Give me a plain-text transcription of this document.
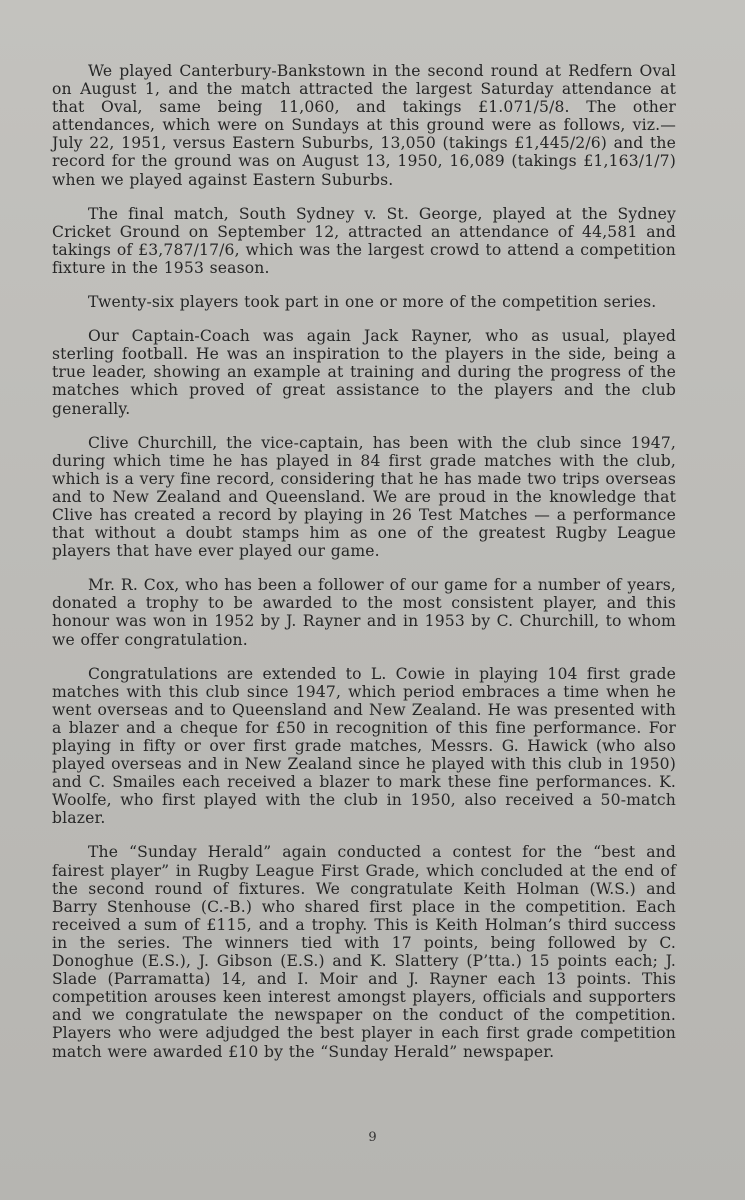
We played Canterbury-Bankstown in the second round at Redfern Oval on August 1, and the match attracted the largest Saturday attendance at that Oval, same being 11,060, and takings £1.071/5/8. The other attendances, which were on Sundays at this ground were as follows, viz.—July 22, 1951, versus Eastern Suburbs, 13,050 (takings £1,445/2/6) and the record for the ground was on August 13, 1950, 16,089 (takings £1,163/1/7) when we played against Eastern Suburbs.

The final match, South Sydney v. St. George, played at the Sydney Cricket Ground on September 12, attracted an attendance of 44,581 and takings of £3,787/17/6, which was the largest crowd to attend a competition fixture in the 1953 season.

Twenty-six players took part in one or more of the competition series.

Our Captain-Coach was again Jack Rayner, who as usual, played sterling football. He was an inspiration to the players in the side, being a true leader, showing an example at training and during the progress of the matches which proved of great assistance to the players and the club generally.

Clive Churchill, the vice-captain, has been with the club since 1947, during which time he has played in 84 first grade matches with the club, which is a very fine record, considering that he has made two trips overseas and to New Zealand and Queensland. We are proud in the knowledge that Clive has created a record by playing in 26 Test Matches — a performance that without a doubt stamps him as one of the greatest Rugby League players that have ever played our game.

Mr. R. Cox, who has been a follower of our game for a number of years, donated a trophy to be awarded to the most consistent player, and this honour was won in 1952 by J. Rayner and in 1953 by C. Churchill, to whom we offer congratulation.

Congratulations are extended to L. Cowie in playing 104 first grade matches with this club since 1947, which period embraces a time when he went overseas and to Queensland and New Zealand. He was presented with a blazer and a cheque for £50 in recognition of this fine performance. For playing in fifty or over first grade matches, Messrs. G. Hawick (who also played overseas and in New Zealand since he played with this club in 1950) and C. Smailes each received a blazer to mark these fine performances. K. Woolfe, who first played with the club in 1950, also received a 50-match blazer.

The “Sunday Herald” again conducted a contest for the “best and fairest player” in Rugby League First Grade, which concluded at the end of the second round of fixtures. We congratulate Keith Holman (W.S.) and Barry Stenhouse (C.-B.) who shared first place in the competition. Each received a sum of £115, and a trophy. This is Keith Holman’s third success in the series. The winners tied with 17 points, being followed by C. Donoghue (E.S.), J. Gibson (E.S.) and K. Slattery (P’tta.) 15 points each; J. Slade (Parramatta) 14, and I. Moir and J. Rayner each 13 points. This competition arouses keen interest amongst players, officials and supporters and we congratulate the newspaper on the conduct of the competition. Players who were adjudged the best player in each first grade competition match were awarded £10 by the “Sunday Herald” newspaper.

9
